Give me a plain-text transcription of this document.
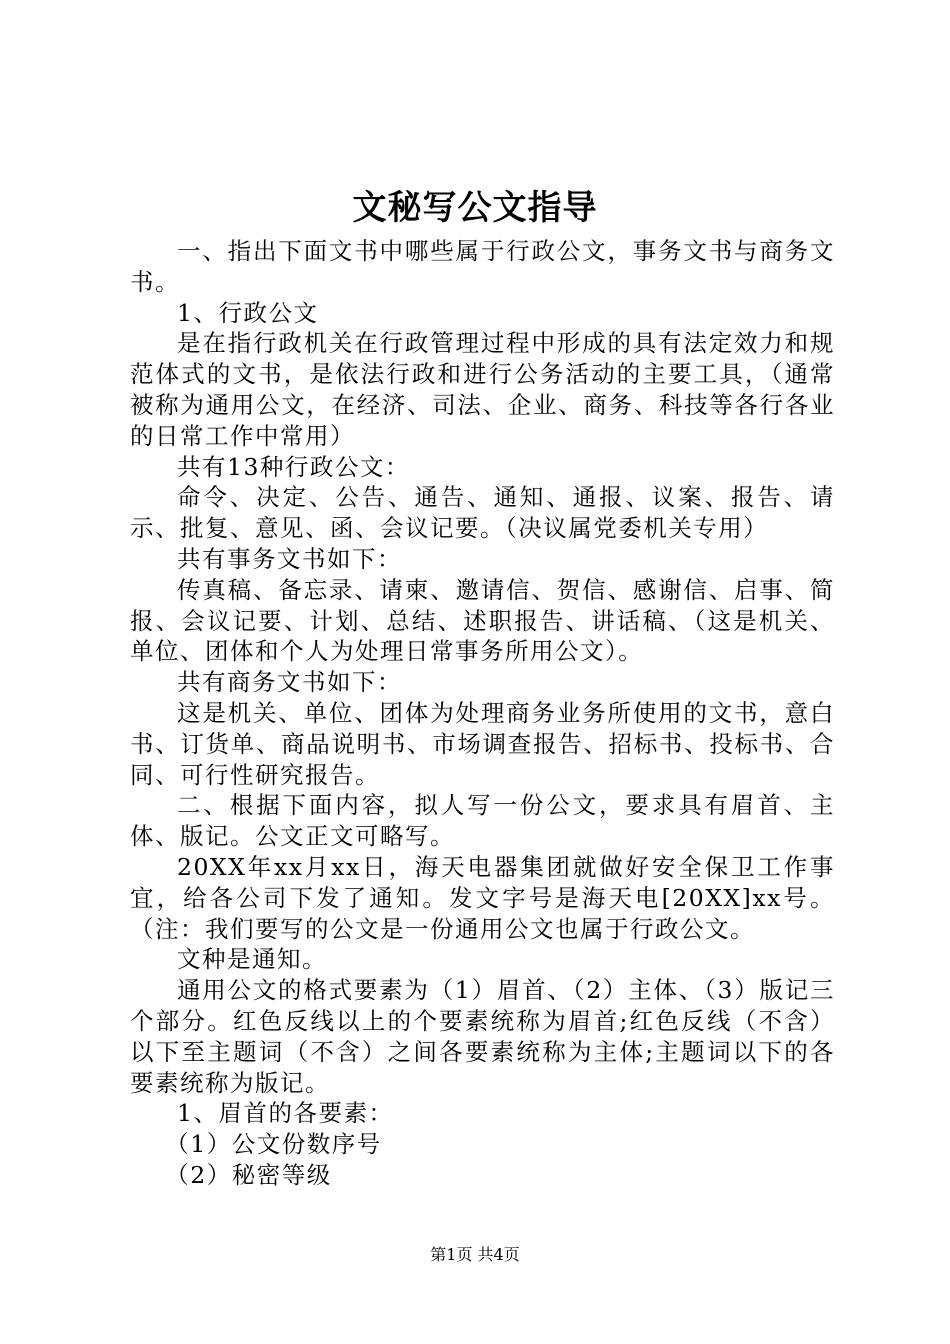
文秘写公文指导

一、指出下面文书中哪些属于行政公文，事务文书与商务文书。

1、行政公文

是在指行政机关在行政管理过程中形成的具有法定效力和规范体式的文书，是依法行政和进行公务活动的主要工具，（通常被称为通用公文，在经济、司法、企业、商务、科技等各行各业的日常工作中常用）

共有13种行政公文：

命令、决定、公告、通告、通知、通报、议案、报告、请示、批复、意见、函、会议记要。（决议属党委机关专用）

共有事务文书如下：

传真稿、备忘录、请柬、邀请信、贺信、感谢信、启事、简报、会议记要、计划、总结、述职报告、讲话稿、（这是机关、单位、团体和个人为处理日常事务所用公文）。

共有商务文书如下：

这是机关、单位、团体为处理商务业务所使用的文书，意白书、订货单、商品说明书、市场调查报告、招标书、投标书、合同、可行性研究报告。

二、根据下面内容，拟人写一份公文，要求具有眉首、主体、版记。公文正文可略写。

20XX年xx月xx日，海天电器集团就做好安全保卫工作事宜，给各公司下发了通知。发文字号是海天电[20XX]xx号。（注：我们要写的公文是一份通用公文也属于行政公文。

文种是通知。

通用公文的格式要素为（1）眉首、（2）主体、（3）版记三个部分。红色反线以上的个要素统称为眉首;红色反线（不含）以下至主题词（不含）之间各要素统称为主体;主题词以下的各要素统称为版记。

1、眉首的各要素：

（1）公文份数序号

（2）秘密等级

第1页 共4页
